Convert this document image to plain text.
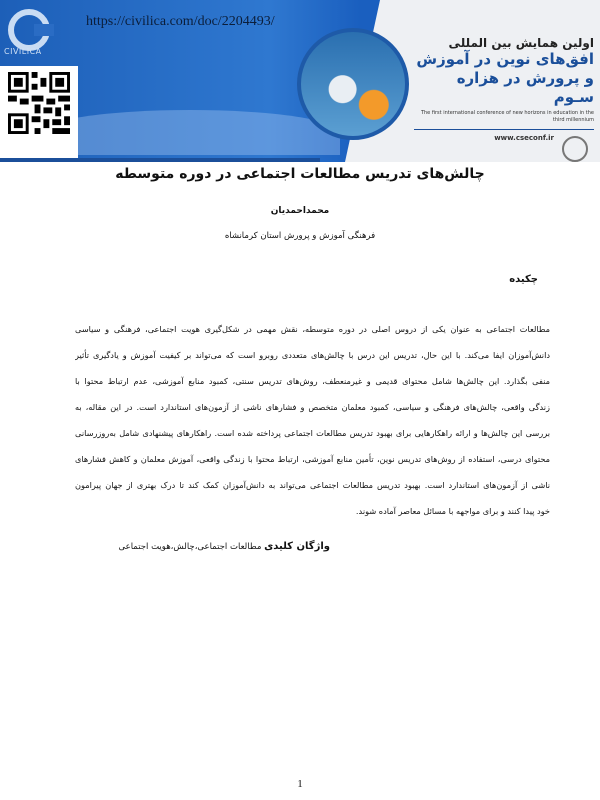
CIVILICA
https://civilica.com/doc/2204493/
اولین همایش بین المللی
افق‌های نوین در آموزش
و پرورش در هزاره سـوم
The first international conference of new horizons in education in the third millennium
www.cseconf.ir
چالش‌های تدریس مطالعات اجتماعی در دوره متوسطه
محمداحمدیان
فرهنگی آموزش و پرورش استان کرمانشاه
چکیده
مطالعات اجتماعی به عنوان یکی از دروس اصلی در دوره متوسطه، نقش مهمی در شکل‌گیری هویت اجتماعی، فرهنگی و سیاسی
دانش‌آموزان ایفا می‌کند. با این حال، تدریس این درس با چالش‌های متعددی روبرو است که می‌تواند بر کیفیت آموزش و یادگیری تأثیر
منفی بگذارد. این چالش‌ها شامل محتوای قدیمی و غیرمنعطف، روش‌های تدریس سنتی، کمبود منابع آموزشی، عدم ارتباط محتوا با
زندگی واقعی، چالش‌های فرهنگی و سیاسی، کمبود معلمان متخصص و فشارهای ناشی از آزمون‌های استاندارد است. در این مقاله، به
بررسی این چالش‌ها و ارائه راهکارهایی برای بهبود تدریس مطالعات اجتماعی پرداخته شده است. راهکارهای پیشنهادی شامل به‌روزرسانی
محتوای درسی، استفاده از روش‌های تدریس نوین، تأمین منابع آموزشی، ارتباط محتوا با زندگی واقعی، آموزش معلمان و کاهش فشارهای
ناشی از آزمون‌های استاندارد است. بهبود تدریس مطالعات اجتماعی می‌تواند به دانش‌آموزان کمک کند تا درک بهتری از جهان پیرامون
خود پیدا کنند و برای مواجهه با مسائل معاصر آماده شوند.
واژگان کلیدی مطالعات اجتماعی،چالش،هویت اجتماعی
1
